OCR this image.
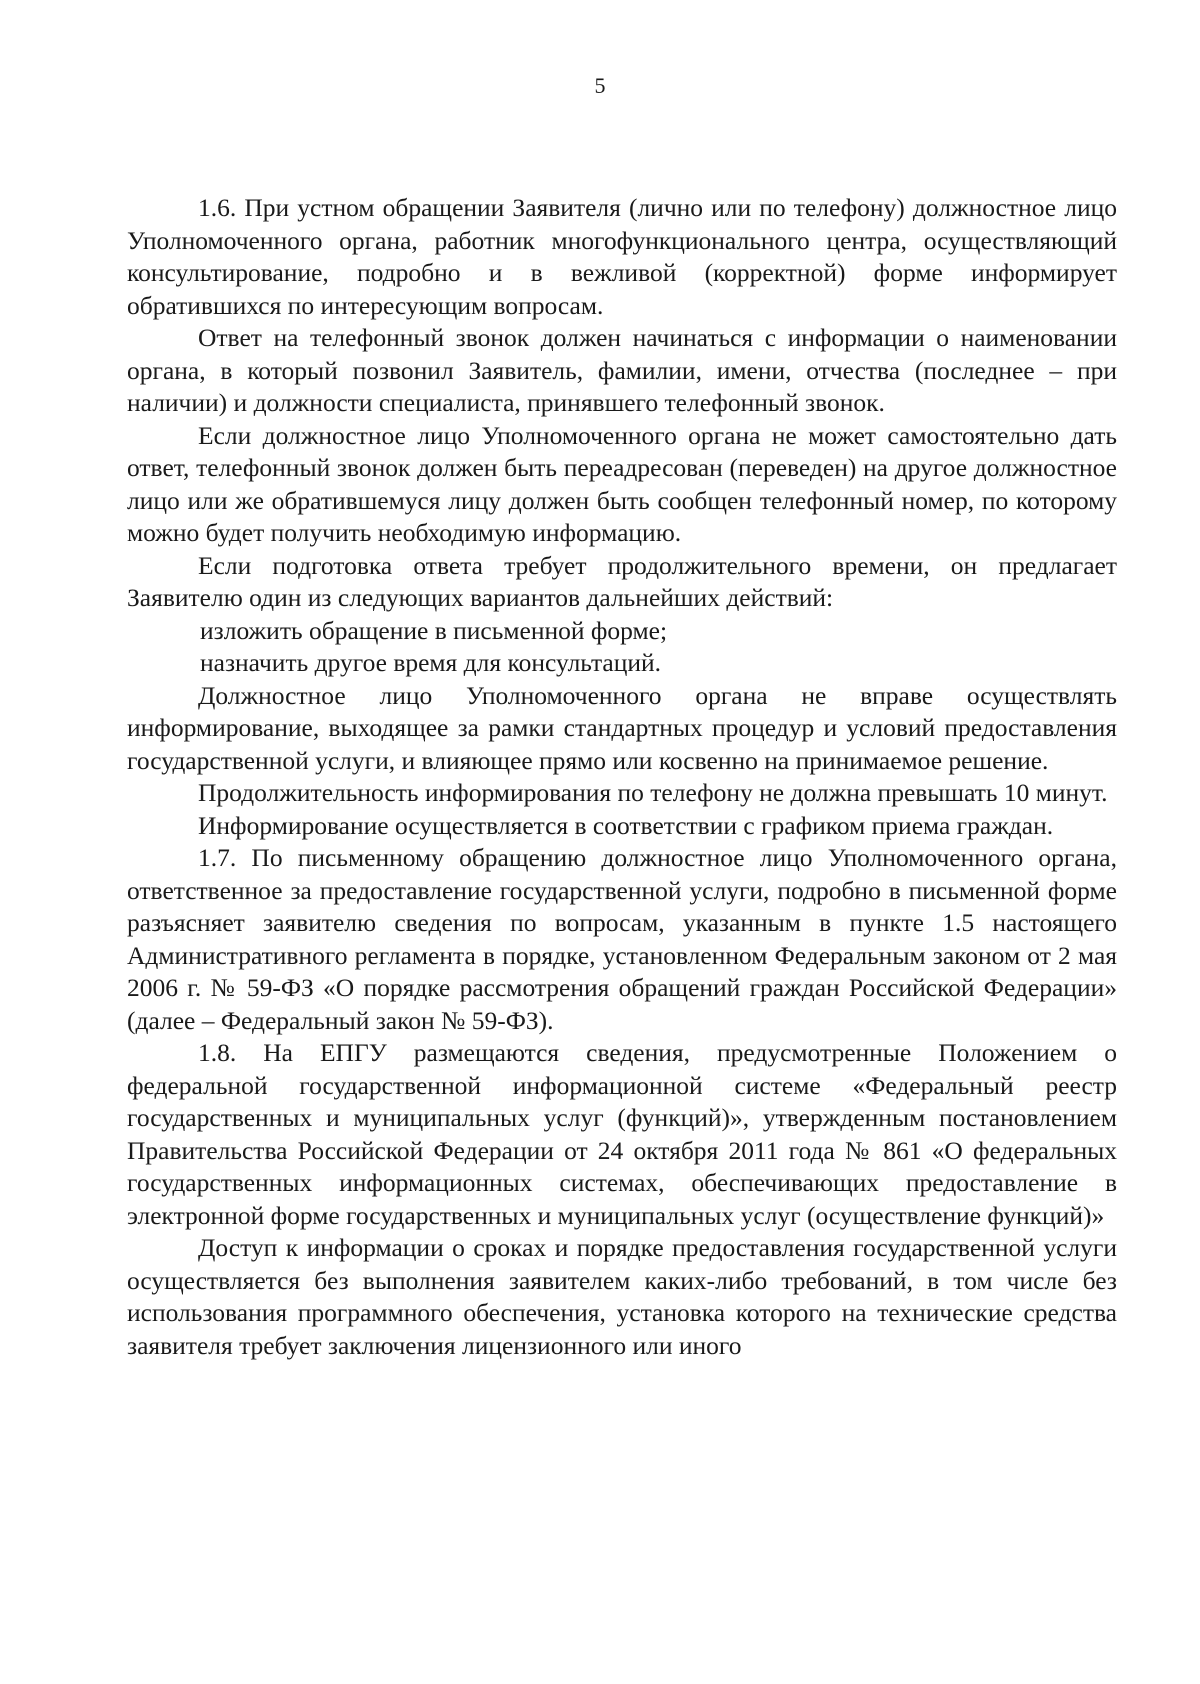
5

1.6. При устном обращении Заявителя (лично или по телефону) должностное лицо Уполномоченного органа, работник многофункционального центра, осуществляющий консультирование, подробно и в вежливой (корректной) форме информирует обратившихся по интересующим вопросам.

Ответ на телефонный звонок должен начинаться с информации о наименовании органа, в который позвонил Заявитель, фамилии, имени, отчества (последнее – при наличии) и должности специалиста, принявшего телефонный звонок.

Если должностное лицо Уполномоченного органа не может самостоятельно дать ответ, телефонный звонок должен быть переадресован (переведен) на другое должностное лицо или же обратившемуся лицу должен быть сообщен телефонный номер, по которому можно будет получить необходимую информацию.

Если подготовка ответа требует продолжительного времени, он предлагает Заявителю один из следующих вариантов дальнейших действий:

изложить обращение в письменной форме;

назначить другое время для консультаций.

Должностное лицо Уполномоченного органа не вправе осуществлять информирование, выходящее за рамки стандартных процедур и условий предоставления государственной услуги, и влияющее прямо или косвенно на принимаемое решение.

Продолжительность информирования по телефону не должна превышать 10 минут.

Информирование осуществляется в соответствии с графиком приема граждан.

1.7. По письменному обращению должностное лицо Уполномоченного органа, ответственное за предоставление государственной услуги, подробно в письменной форме разъясняет заявителю сведения по вопросам, указанным в пункте 1.5 настоящего Административного регламента в порядке, установленном Федеральным законом от 2 мая 2006 г. № 59-ФЗ «О порядке рассмотрения обращений граждан Российской Федерации» (далее – Федеральный закон № 59-ФЗ).

1.8. На ЕПГУ размещаются сведения, предусмотренные Положением о федеральной государственной информационной системе «Федеральный реестр государственных и муниципальных услуг (функций)», утвержденным постановлением Правительства Российской Федерации от 24 октября 2011 года № 861 «О федеральных государственных информационных системах, обеспечивающих предоставление в электронной форме государственных и муниципальных услуг (осуществление функций)»

Доступ к информации о сроках и порядке предоставления государственной услуги осуществляется без выполнения заявителем каких-либо требований, в том числе без использования программного обеспечения, установка которого на технические средства заявителя требует заключения лицензионного или иного
